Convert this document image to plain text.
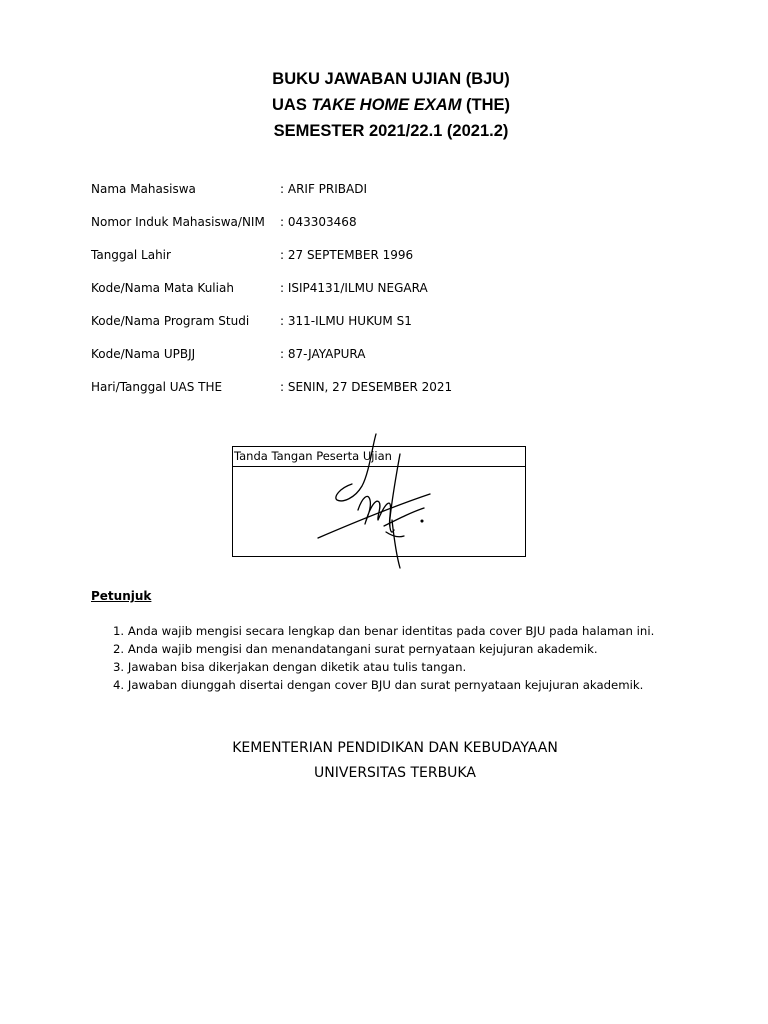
BUKU JAWABAN UJIAN (BJU)
UAS TAKE HOME EXAM (THE)
SEMESTER 2021/22.1 (2021.2)
Nama Mahasiswa	: ARIF PRIBADI
Nomor Induk Mahasiswa/NIM	: 043303468
Tanggal Lahir	: 27 SEPTEMBER 1996
Kode/Nama Mata Kuliah	: ISIP4131/ILMU NEGARA
Kode/Nama Program Studi	: 311-ILMU HUKUM S1
Kode/Nama UPBJJ	: 87-JAYAPURA
Hari/Tanggal UAS THE	: SENIN, 27 DESEMBER 2021
Tanda Tangan Peserta Ujian
Petunjuk
1. Anda wajib mengisi secara lengkap dan benar identitas pada cover BJU pada halaman ini.
2. Anda wajib mengisi dan menandatangani surat pernyataan kejujuran akademik.
3. Jawaban bisa dikerjakan dengan diketik atau tulis tangan.
4. Jawaban diunggah disertai dengan cover BJU dan surat pernyataan kejujuran akademik.
KEMENTERIAN PENDIDIKAN DAN KEBUDAYAAN
UNIVERSITAS TERBUKA
